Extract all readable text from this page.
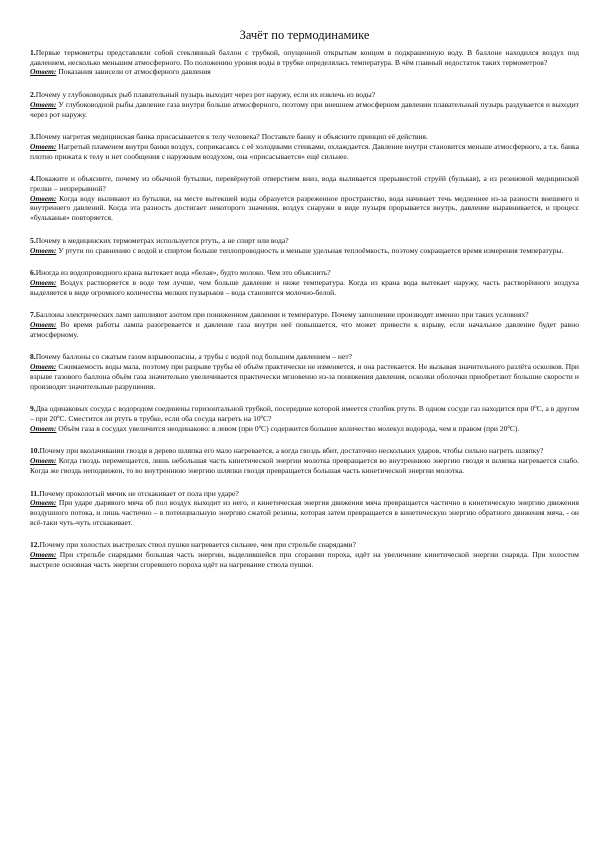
Зачёт по термодинамике

1.Первые термометры представляли собой стеклянный баллон с трубкой, опущенной открытым концом в подкрашенную воду. В баллоне находился воздух под давлением, несколько меньшим атмосферного. По положению уровня воды в трубке определялась температура. В чём главный недостаток таких термометров?

Ответ: Показания зависели от атмосферного давления

2.Почему у глубоководных рыб плавательный пузырь выходит через рот наружу, если их извлечь из воды?

Ответ: У глубоководной рыбы давление газа внутри больше атмосферного, поэтому при внешнем атмосферном давлении плавательный пузырь раздувается и выходит через рот наружу.

3.Почему нагретая медицинская банка присасывается к телу человека? Поставьте банку и объясните принцип её действия.

Ответ: Нагретый пламенем внутри банки воздух, соприкасаясь с её холодными стенками, охлаждается. Давление внутри становится меньше атмосферного, а т.к. банка плотно прижата к телу и нет сообщения с наружным воздухом, она «присасывается» ещё сильнее.

4.Покажите и объясните, почему из обычной бутылки, перевёрнутой отверстием вниз, вода выливается прерывистой струёй (булькая), а из резиновой медицинской грелки – непрерывной?

Ответ: Когда воду выливают из бутылки, на месте вытекшей воды образуется разреженное пространство, вода начинает течь медленнее из-за разности внешнего и внутреннего давлений. Когда эта разность достигает некоторого значения, воздух снаружи в виде пузыря прорывается внутрь, давление выравнивается, и процесс «бульканья» повторяется.

5.Почему в медицинских термометрах используется ртуть, а не спирт или вода?

Ответ: У ртути по сравнению с водой и спиртом больше теплопроводность и меньше удельная теплоёмкость, поэтому сокращается время измерения температуры.

6.Иногда из водопроводного крана вытекает вода «белая», будто молоко. Чем это объяснить?

Ответ: Воздух растворяется в воде тем лучше, чем больше давление и ниже температура. Когда из крана вода вытекает наружу, часть растворённого воздуха выделяется в виде огромного количества мелких пузырьков – вода становится молочно-белой.

7.Баллоны электрических ламп заполняют азотом при пониженном давлении и температуре. Почему заполнение производят именно при таких условиях?

Ответ: Во время работы лампа разогревается и давление газа внутри неё повышается, что может привести к взрыву, если начальное давление будет равно атмосферному.

8.Почему баллоны со сжатым газом взрывоопасны, а трубы с водой под большим давлением – нет?

Ответ: Сжимаемость воды мала, поэтому при разрыве трубы её объём практически не изменяется, и она растекается. Не вызывая значительного разлёта осколков. При взрыве газового баллона объём газа значительно увеличивается практически мгновенно из-за понижения давления, осколки оболочки приобретают большие скорости и производят значительные разрушения.

9.Два одинаковых сосуда с водородом соединены горизонтальной трубкой, посередине которой имеется столбик ртути. В одном сосуде газ находится при 0ºС, а в другом – при 20ºС. Сместится ли ртуть в трубке, если оба сосуда нагреть на 10ºС?

Ответ: Объём газа в сосудах увеличится неодинаково: в левом (при 0ºС) содержится большее количество молекул водорода, чем в правом (при 20ºС).

10.Почему при вколачивании гвоздя в дерево шляпка его мало нагревается, а когда гвоздь вбит, достаточно нескольких ударов, чтобы сильно нагреть шляпку?

Ответ: Когда гвоздь перемещается, лишь небольшая часть кинетической энергии молотка превращается во внутреннюю энергию гвоздя и шляпка нагревается слабо. Когда же гвоздь неподвижен, то во внутреннюю энергию шляпки гвоздя превращается большая часть кинетической энергии молотка.

11.Почему проколотый мячик не отскакивает от пола при ударе?

Ответ: При ударе дырявого мяча об пол воздух выходит из него, и кинетическая энергия движения мяча превращается частично в кинетическую энергию движения воздушного потока, и лишь частично – в потенциальную энергию сжатой резины, которая затем превращается в кинетическую энергию обратного движения мяча, - он всё-таки чуть-чуть отскакивает.

12.Почему при холостых выстрелах ствол пушки нагревается сильнее, чем при стрельбе снарядами?

Ответ: При стрельбе снарядами большая часть энергии, выделившейся при сгорании пороха, идёт на увеличение кинетической энергии снаряда. При холостом выстреле основная часть энергии сгоревшего пороха идёт на нагревание ствола пушки.
